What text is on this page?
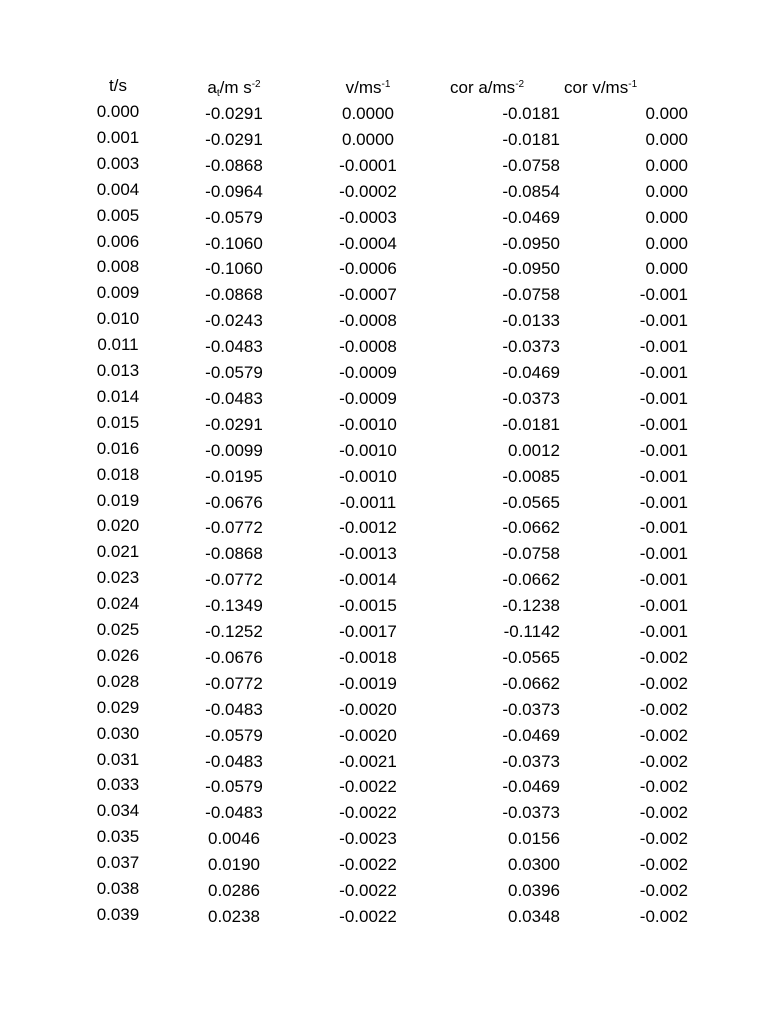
t/s	$a_t/m$ $s^{-2}$	$v/ms^{-1}$	cor $a/ms^{-2}$	cor $v/ms^{-1}$
0.000	-0.0291	0.0000	-0.0181	0.000
0.001	-0.0291	0.0000	-0.0181	0.000
0.003	-0.0868	-0.0001	-0.0758	0.000
0.004	-0.0964	-0.0002	-0.0854	0.000
0.005	-0.0579	-0.0003	-0.0469	0.000
0.006	-0.1060	-0.0004	-0.0950	0.000
0.008	-0.1060	-0.0006	-0.0950	0.000
0.009	-0.0868	-0.0007	-0.0758	-0.001
0.010	-0.0243	-0.0008	-0.0133	-0.001
0.011	-0.0483	-0.0008	-0.0373	-0.001
0.013	-0.0579	-0.0009	-0.0469	-0.001
0.014	-0.0483	-0.0009	-0.0373	-0.001
0.015	-0.0291	-0.0010	-0.0181	-0.001
0.016	-0.0099	-0.0010	0.0012	-0.001
0.018	-0.0195	-0.0010	-0.0085	-0.001
0.019	-0.0676	-0.0011	-0.0565	-0.001
0.020	-0.0772	-0.0012	-0.0662	-0.001
0.021	-0.0868	-0.0013	-0.0758	-0.001
0.023	-0.0772	-0.0014	-0.0662	-0.001
0.024	-0.1349	-0.0015	-0.1238	-0.001
0.025	-0.1252	-0.0017	-0.1142	-0.001
0.026	-0.0676	-0.0018	-0.0565	-0.002
0.028	-0.0772	-0.0019	-0.0662	-0.002
0.029	-0.0483	-0.0020	-0.0373	-0.002
0.030	-0.0579	-0.0020	-0.0469	-0.002
0.031	-0.0483	-0.0021	-0.0373	-0.002
0.033	-0.0579	-0.0022	-0.0469	-0.002
0.034	-0.0483	-0.0022	-0.0373	-0.002
0.035	0.0046	-0.0023	0.0156	-0.002
0.037	0.0190	-0.0022	0.0300	-0.002
0.038	0.0286	-0.0022	0.0396	-0.002
0.039	0.0238	-0.0022	0.0348	-0.002
